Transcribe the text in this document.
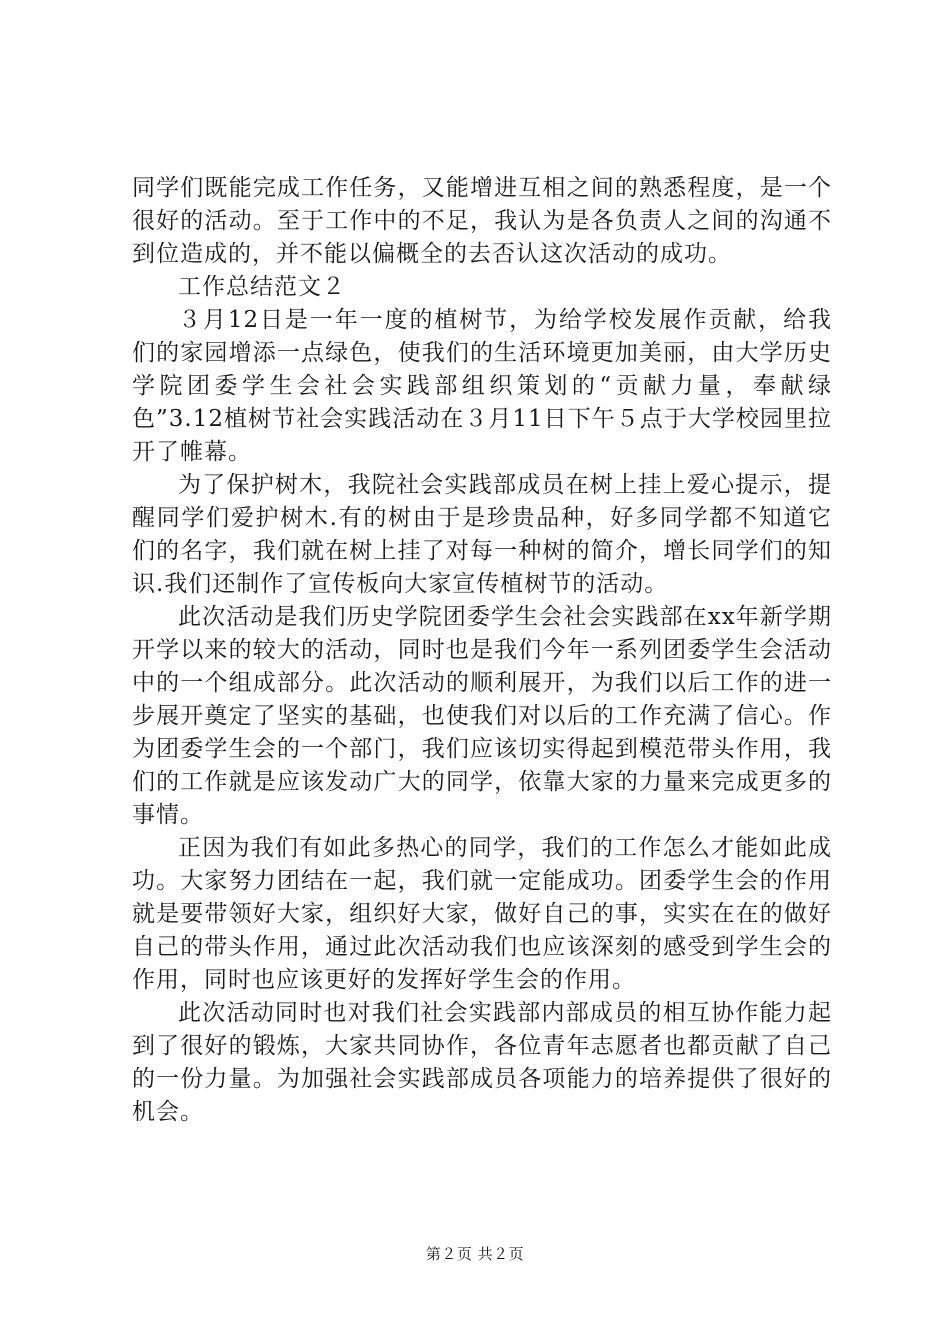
同学们既能完成工作任务，又能增进互相之间的熟悉程度，是一个很好的活动。至于工作中的不足，我认为是各负责人之间的沟通不到位造成的，并不能以偏概全的去否认这次活动的成功。

工作总结范文２

３月12日是一年一度的植树节，为给学校发展作贡献，给我们的家园增添一点绿色，使我们的生活环境更加美丽，由大学历史学院团委学生会社会实践部组织策划的“贡献力量，奉献绿色”3.12植树节社会实践活动在３月11日下午５点于大学校园里拉开了帷幕。

为了保护树木，我院社会实践部成员在树上挂上爱心提示，提醒同学们爱护树木.有的树由于是珍贵品种，好多同学都不知道它们的名字，我们就在树上挂了对每一种树的简介，增长同学们的知识.我们还制作了宣传板向大家宣传植树节的活动。

此次活动是我们历史学院团委学生会社会实践部在xx年新学期开学以来的较大的活动，同时也是我们今年一系列团委学生会活动中的一个组成部分。此次活动的顺利展开，为我们以后工作的进一步展开奠定了坚实的基础，也使我们对以后的工作充满了信心。作为团委学生会的一个部门，我们应该切实得起到模范带头作用，我们的工作就是应该发动广大的同学，依靠大家的力量来完成更多的事情。

正因为我们有如此多热心的同学，我们的工作怎么才能如此成功。大家努力团结在一起，我们就一定能成功。团委学生会的作用就是要带领好大家，组织好大家，做好自己的事，实实在在的做好自己的带头作用，通过此次活动我们也应该深刻的感受到学生会的作用，同时也应该更好的发挥好学生会的作用。

此次活动同时也对我们社会实践部内部成员的相互协作能力起到了很好的锻炼，大家共同协作，各位青年志愿者也都贡献了自己的一份力量。为加强社会实践部成员各项能力的培养提供了很好的机会。

第２页 共２页
